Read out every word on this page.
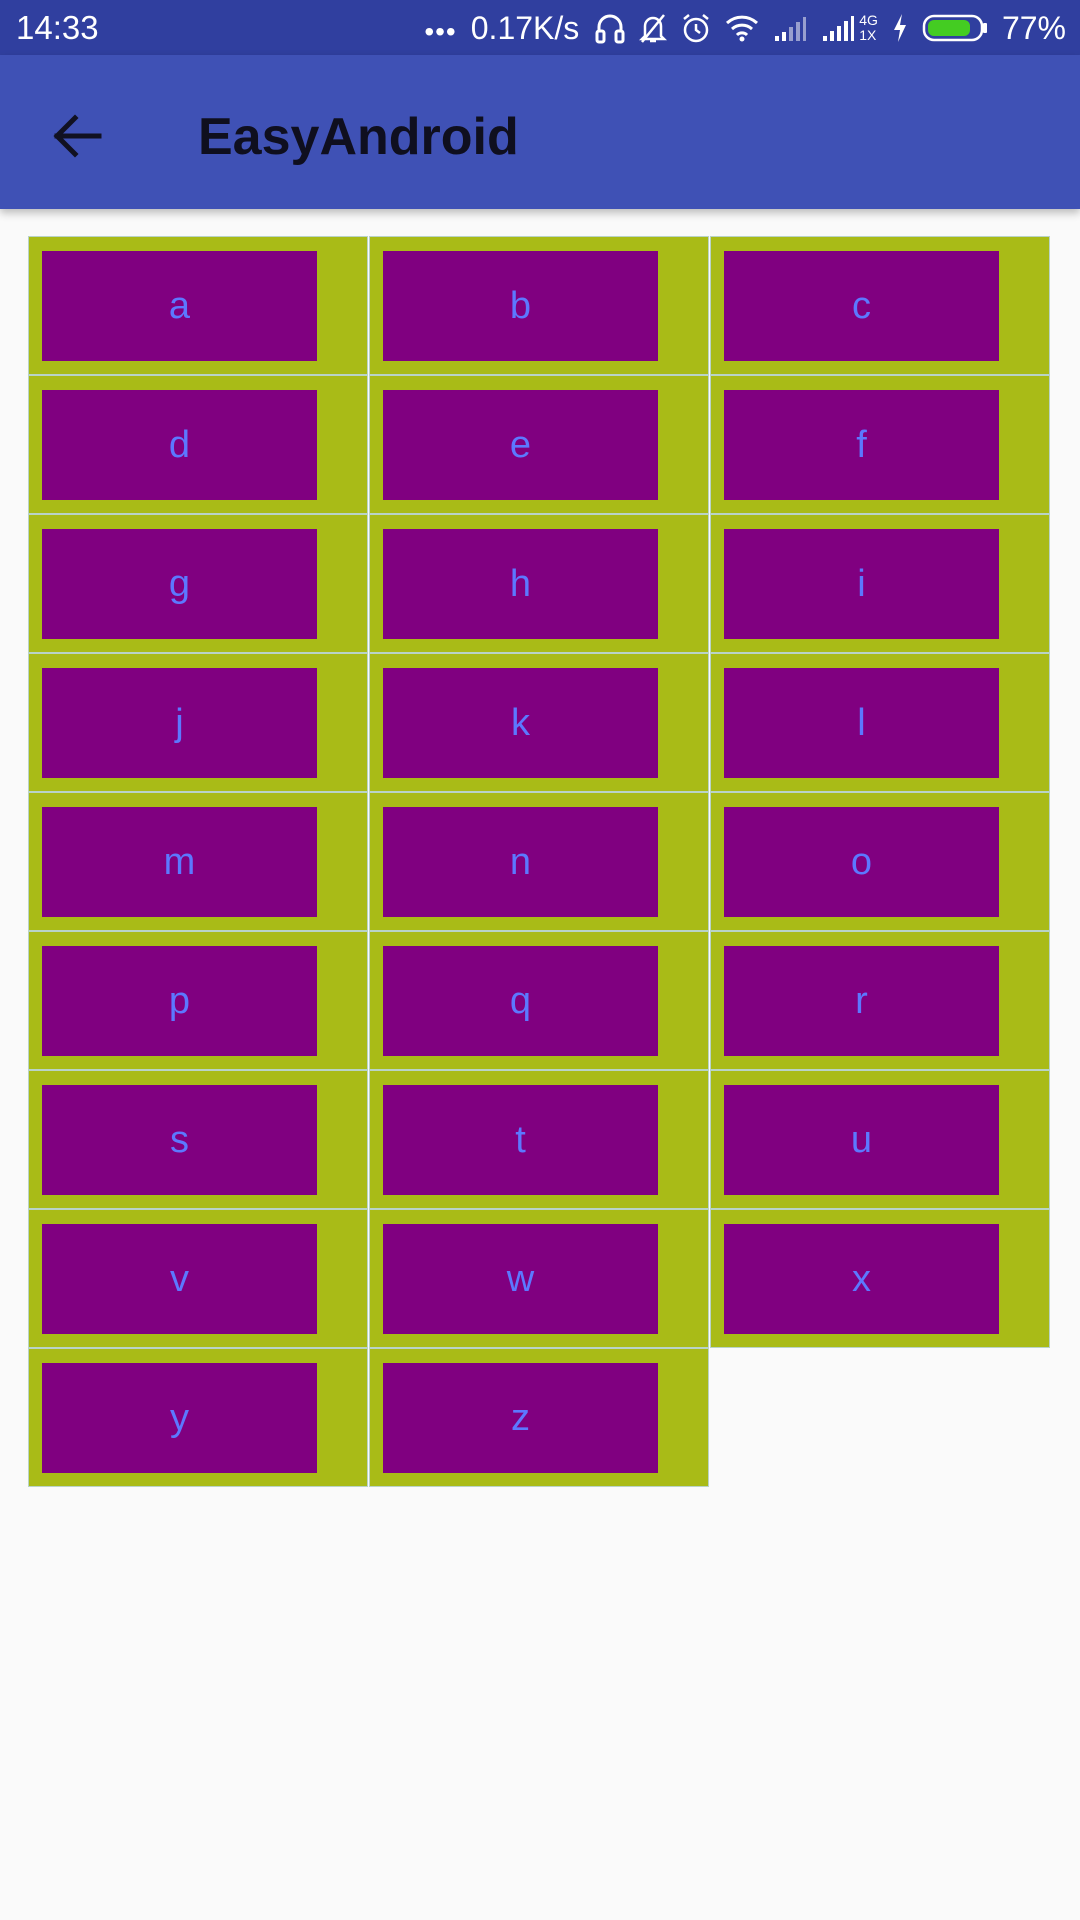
14:33	••• 0.17K/s	4G
1X	77%
EasyAndroid
a	b	c
d	e	f
g	h	i
j	k	l
m	n	o
p	q	r
s	t	u
v	w	x
y	z
